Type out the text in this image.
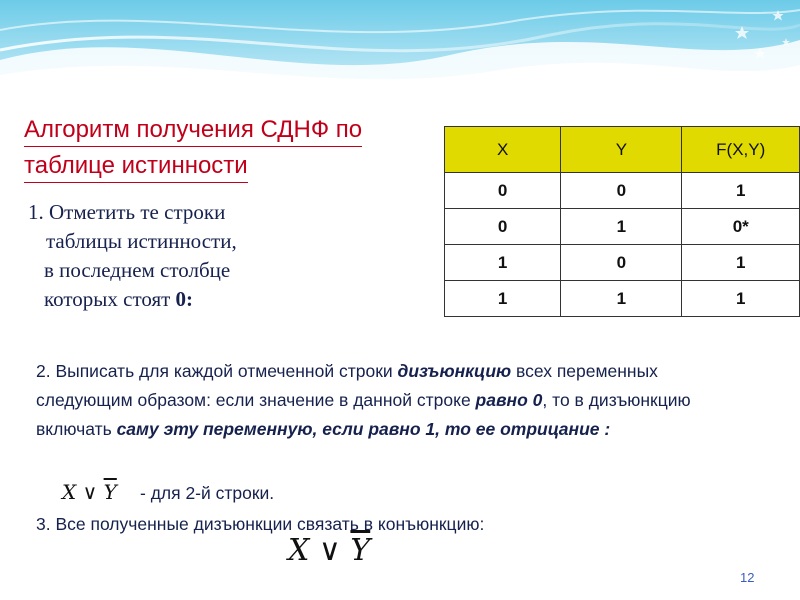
Алгоритм получения СДНФ по
таблице истинности
1. Отметить те строки
таблицы истинности,
в последнем столбце
которых стоят 0:
X	Y	F(X,Y)
0	0	1
0	1	0*
1	0	1
1	1	1
2. Выписать для каждой отмеченной строки дизъюнкцию всех переменных следующим образом: если значение в данной строке равно 0, то в дизъюнкцию включать саму эту переменную, если равно 1, то ее отрицание :
X ∨ $\overline{Y}$ - для 2-й строки.
3. Все полученные дизъюнкции связать в конъюнкцию:
X ∨ $\overline{Y}$
12
